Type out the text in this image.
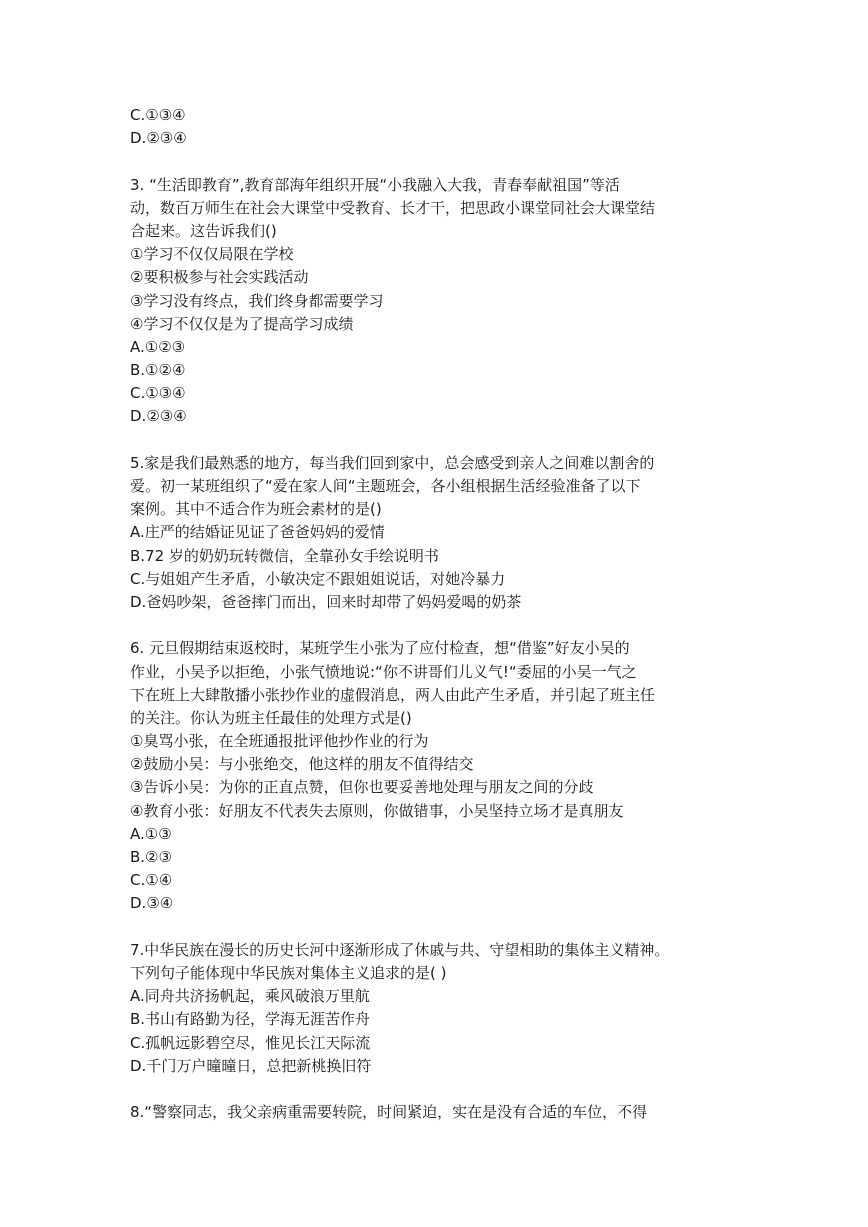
C.①③④
D.②③④
3. “生活即教育”,教育部海年组织开展“小我融入大我，青春奉献祖国”等活
动，数百万师生在社会大课堂中受教育、长才干，把思政小课堂同社会大课堂结
合起来。这告诉我们()
①学习不仅仅局限在学校
②要积极参与社会实践活动
③学习没有终点，我们终身都需要学习
④学习不仅仅是为了提高学习成绩
A.①②③
B.①②④
C.①③④
D.②③④
5.家是我们最熟悉的地方，每当我们回到家中，总会感受到亲人之间难以割舍的
爱。初一某班组织了“爱在家人间“主题班会，各小组根据生活经验准备了以下
案例。其中不适合作为班会素材的是()
A.庄严的结婚证见证了爸爸妈妈的爱情
B.72 岁的奶奶玩转微信，全靠孙女手绘说明书
C.与姐姐产生矛盾，小敏决定不跟姐姐说话，对她冷暴力
D.爸妈吵架，爸爸摔门而出，回来时却带了妈妈爱喝的奶茶
6. 元旦假期结束返校时，某班学生小张为了应付检查，想“借鉴”好友小吴的
作业，小吴予以拒绝，小张气愤地说:“你不讲哥们儿义气!“委屈的小吴一气之
下在班上大肆散播小张抄作业的虚假消息，两人由此产生矛盾，并引起了班主任
的关注。你认为班主任最佳的处理方式是()
①臭骂小张，在全班通报批评他抄作业的行为
②鼓励小吴：与小张绝交，他这样的朋友不值得结交
③告诉小吴：为你的正直点赞，但你也要妥善地处理与朋友之间的分歧
④教育小张：好朋友不代表失去原则，你做错事，小吴坚持立场才是真朋友
A.①③
B.②③
C.①④
D.③④
7.中华民族在漫长的历史长河中逐渐形成了休戚与共、守望相助的集体主义精神。
下列句子能体现中华民族对集体主义追求的是( )
A.同舟共济扬帆起，乘风破浪万里航
B.书山有路勤为径，学海无涯苦作舟
C.孤帆远影碧空尽，惟见长江天际流
D.千门万户曈曈日，总把新桃换旧符
8.“警察同志，我父亲病重需要转院，时间紧迫，实在是没有合适的车位，不得
